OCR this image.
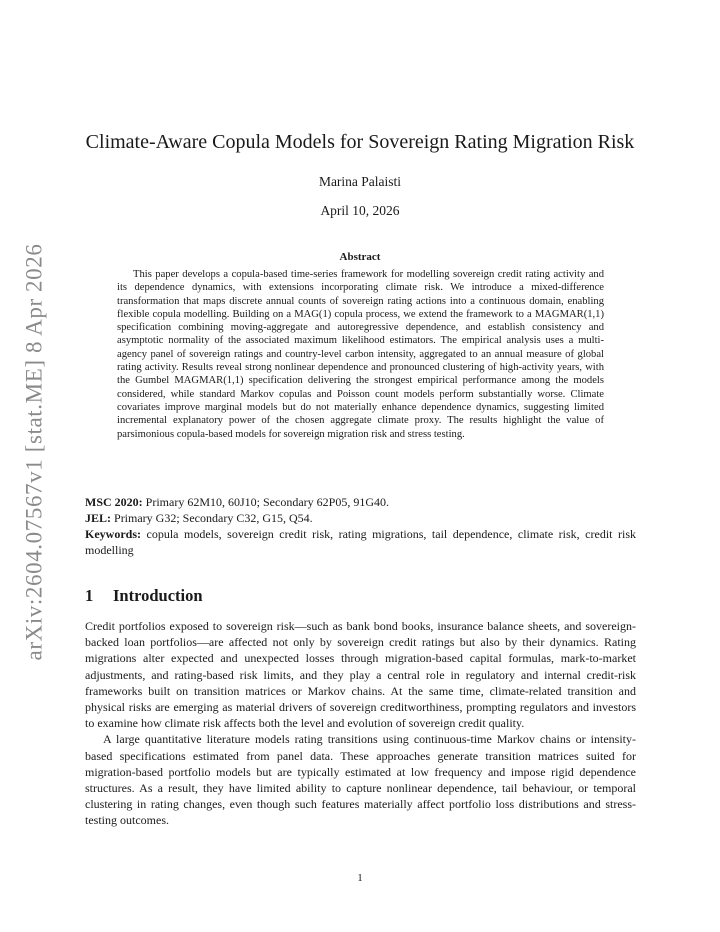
arXiv:2604.07567v1 [stat.ME] 8 Apr 2026
Climate-Aware Copula Models for Sovereign Rating Migration Risk
Marina Palaisti
April 10, 2026
Abstract

This paper develops a copula-based time-series framework for modelling sovereign credit rating activity and its dependence dynamics, with extensions incorporating climate risk. We introduce a mixed-difference transformation that maps discrete annual counts of sovereign rating actions into a continuous domain, enabling flexible copula modelling. Building on a MAG(1) copula process, we extend the framework to a MAGMAR(1,1) specification combining moving-aggregate and autoregressive dependence, and establish consistency and asymptotic normality of the associated maximum likelihood estimators. The empirical analysis uses a multi-agency panel of sovereign ratings and country-level carbon intensity, aggregated to an annual measure of global rating activity. Results reveal strong nonlinear dependence and pronounced clustering of high-activity years, with the Gumbel MAGMAR(1,1) specification delivering the strongest empirical performance among the models considered, while standard Markov copulas and Poisson count models perform substantially worse. Climate covariates improve marginal models but do not materially enhance dependence dynamics, suggesting limited incremental explanatory power of the chosen aggregate climate proxy. The results highlight the value of parsimonious copula-based models for sovereign migration risk and stress testing.

MSC 2020: Primary 62M10, 60J10; Secondary 62P05, 91G40.

JEL: Primary G32; Secondary C32, G15, Q54.

Keywords: copula models, sovereign credit risk, rating migrations, tail dependence, climate risk, credit risk modelling

1 Introduction

Credit portfolios exposed to sovereign risk—such as bank bond books, insurance balance sheets, and sovereign-backed loan portfolios—are affected not only by sovereign credit ratings but also by their dynamics. Rating migrations alter expected and unexpected losses through migration-based capital formulas, mark-to-market adjustments, and rating-based risk limits, and they play a central role in regulatory and internal credit-risk frameworks built on transition matrices or Markov chains. At the same time, climate-related transition and physical risks are emerging as material drivers of sovereign creditworthiness, prompting regulators and investors to examine how climate risk affects both the level and evolution of sovereign credit quality.

A large quantitative literature models rating transitions using continuous-time Markov chains or intensity-based specifications estimated from panel data. These approaches generate transition matrices suited for migration-based portfolio models but are typically estimated at low frequency and impose rigid dependence structures. As a result, they have limited ability to capture nonlinear dependence, tail behaviour, or temporal clustering in rating changes, even though such features materially affect portfolio loss distributions and stress-testing outcomes.

1
